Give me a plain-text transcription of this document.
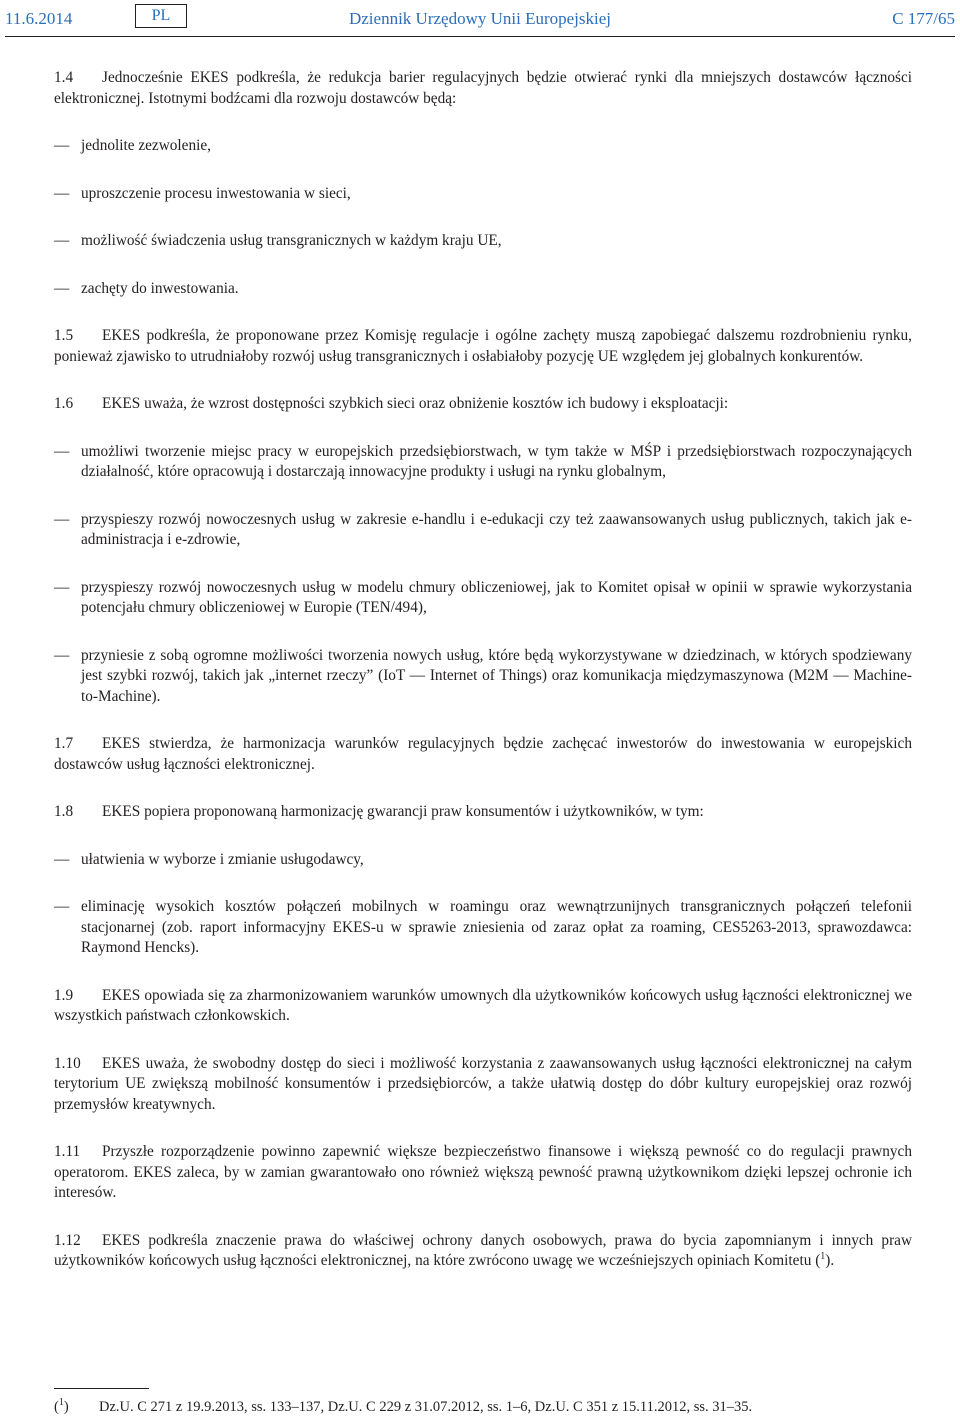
11.6.2014	PL	Dziennik Urzędowy Unii Europejskiej	C 177/65

1.4 Jednocześnie EKES podkreśla, że redukcja barier regulacyjnych będzie otwierać rynki dla mniejszych dostawców łączności elektronicznej. Istotnymi bodźcami dla rozwoju dostawców będą:

— jednolite zezwolenie,

— uproszczenie procesu inwestowania w sieci,

— możliwość świadczenia usług transgranicznych w każdym kraju UE,

— zachęty do inwestowania.

1.5 EKES podkreśla, że proponowane przez Komisję regulacje i ogólne zachęty muszą zapobiegać dalszemu rozdrobnieniu rynku, ponieważ zjawisko to utrudniałoby rozwój usług transgranicznych i osłabiałoby pozycję UE względem jej globalnych konkurentów.

1.6 EKES uważa, że wzrost dostępności szybkich sieci oraz obniżenie kosztów ich budowy i eksploatacji:

— umożliwi tworzenie miejsc pracy w europejskich przedsiębiorstwach, w tym także w MŚP i przedsiębiorstwach rozpoczynających działalność, które opracowują i dostarczają innowacyjne produkty i usługi na rynku globalnym,

— przyspieszy rozwój nowoczesnych usług w zakresie e-handlu i e-edukacji czy też zaawansowanych usług publicznych, takich jak e-administracja i e-zdrowie,

— przyspieszy rozwój nowoczesnych usług w modelu chmury obliczeniowej, jak to Komitet opisał w opinii w sprawie wykorzystania potencjału chmury obliczeniowej w Europie (TEN/494),

— przyniesie z sobą ogromne możliwości tworzenia nowych usług, które będą wykorzystywane w dziedzinach, w których spodziewany jest szybki rozwój, takich jak „internet rzeczy” (IoT — Internet of Things) oraz komunikacja międzymaszynowa (M2M — Machine-to-Machine).

1.7 EKES stwierdza, że harmonizacja warunków regulacyjnych będzie zachęcać inwestorów do inwestowania w europejskich dostawców usług łączności elektronicznej.

1.8 EKES popiera proponowaną harmonizację gwarancji praw konsumentów i użytkowników, w tym:

— ułatwienia w wyborze i zmianie usługodawcy,

— eliminację wysokich kosztów połączeń mobilnych w roamingu oraz wewnątrzunijnych transgranicznych połączeń telefonii stacjonarnej (zob. raport informacyjny EKES-u w sprawie zniesienia od zaraz opłat za roaming, CES5263-2013, sprawozdawca: Raymond Hencks).

1.9 EKES opowiada się za zharmonizowaniem warunków umownych dla użytkowników końcowych usług łączności elektronicznej we wszystkich państwach członkowskich.

1.10 EKES uważa, że swobodny dostęp do sieci i możliwość korzystania z zaawansowanych usług łączności elektronicznej na całym terytorium UE zwiększą mobilność konsumentów i przedsiębiorców, a także ułatwią dostęp do dóbr kultury europejskiej oraz rozwój przemysłów kreatywnych.

1.11 Przyszłe rozporządzenie powinno zapewnić większe bezpieczeństwo finansowe i większą pewność co do regulacji prawnych operatorom. EKES zaleca, by w zamian gwarantowało ono również większą pewność prawną użytkownikom dzięki lepszej ochronie ich interesów.

1.12 EKES podkreśla znaczenie prawa do właściwej ochrony danych osobowych, prawa do bycia zapomnianym i innych praw użytkowników końcowych usług łączności elektronicznej, na które zwrócono uwagę we wcześniejszych opiniach Komitetu ($^1$).

($^1$) Dz.U. C 271 z 19.9.2013, ss. 133–137, Dz.U. C 229 z 31.07.2012, ss. 1–6, Dz.U. C 351 z 15.11.2012, ss. 31–35.
